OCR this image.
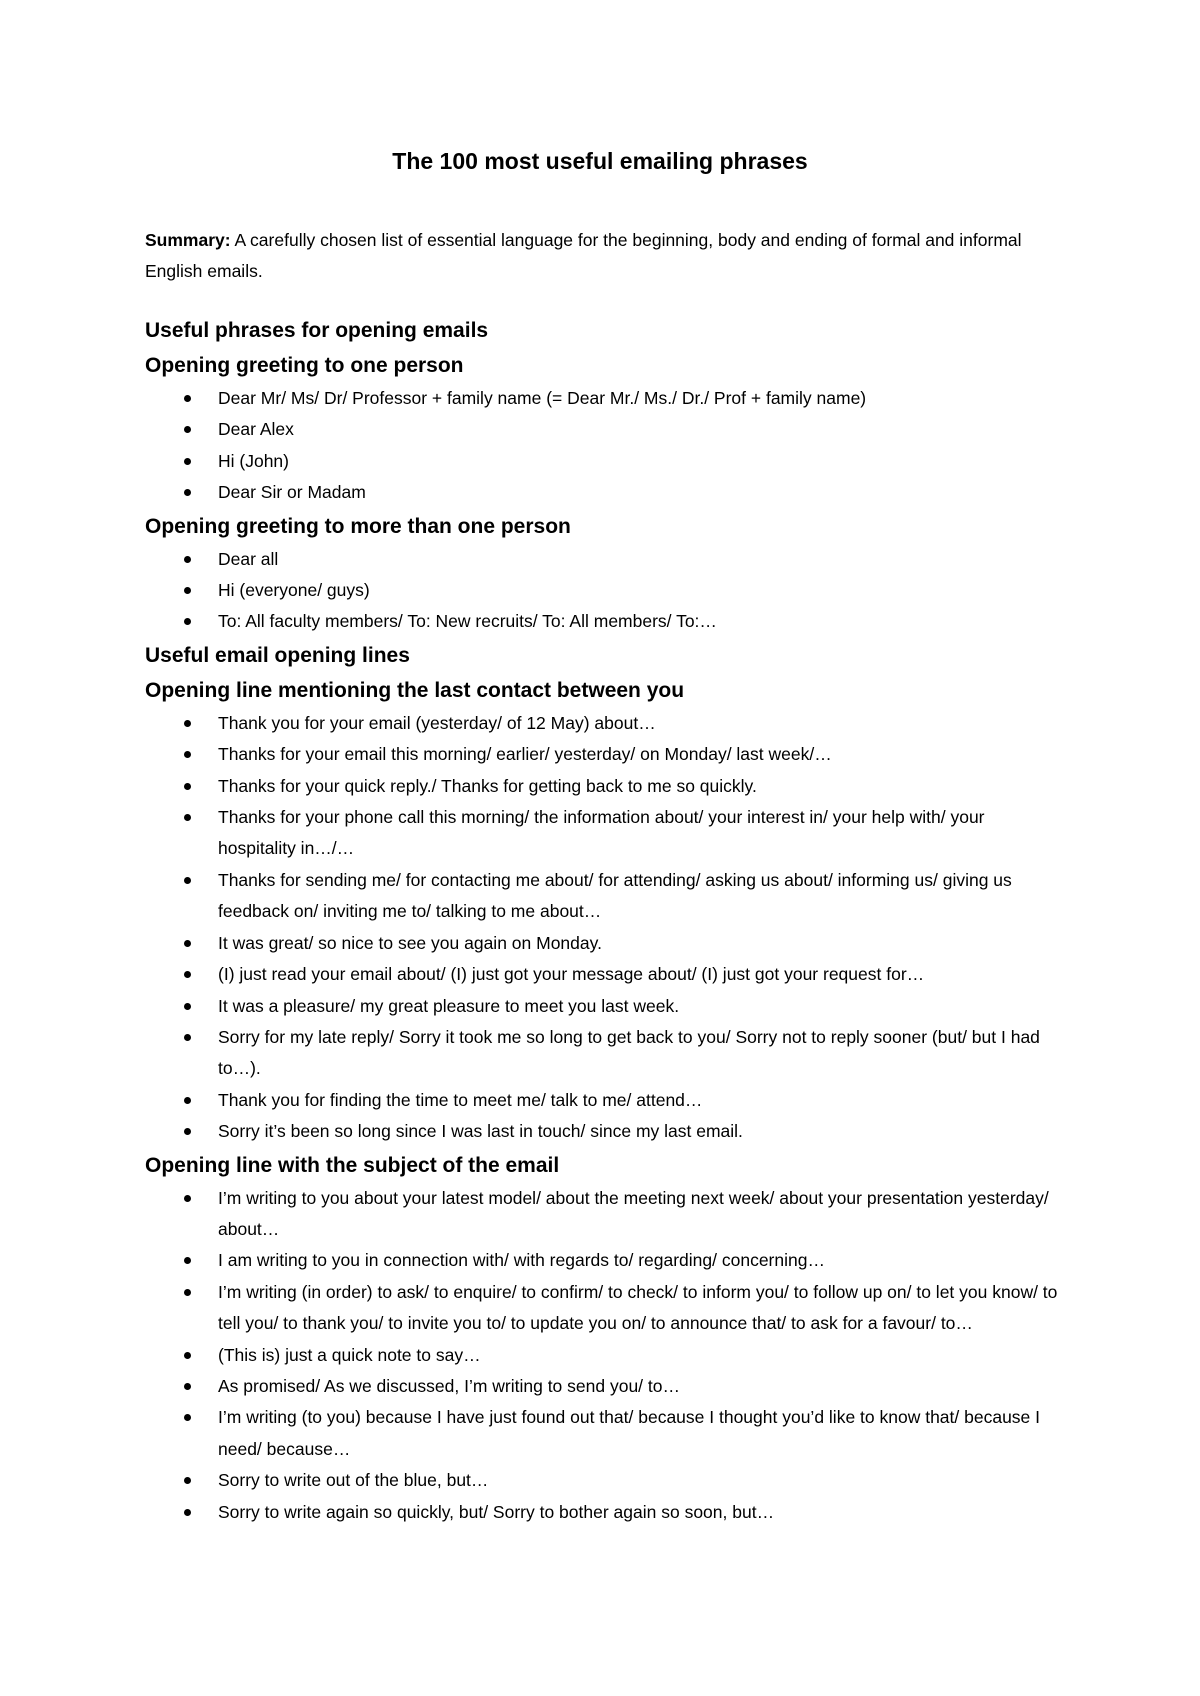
The 100 most useful emailing phrases

Summary: A carefully chosen list of essential language for the beginning, body and ending of formal and informal English emails.

Useful phrases for opening emails
Opening greeting to one person
Dear Mr/ Ms/ Dr/ Professor + family name (= Dear Mr./ Ms./ Dr./ Prof + family name)
Dear Alex
Hi (John)
Dear Sir or Madam
Opening greeting to more than one person
Dear all
Hi (everyone/ guys)
To: All faculty members/ To: New recruits/ To: All members/ To:…
Useful email opening lines
Opening line mentioning the last contact between you
Thank you for your email (yesterday/ of 12 May) about…
Thanks for your email this morning/ earlier/ yesterday/ on Monday/ last week/…
Thanks for your quick reply./ Thanks for getting back to me so quickly.
Thanks for your phone call this morning/ the information about/ your interest in/ your help with/ your hospitality in…/…
Thanks for sending me/ for contacting me about/ for attending/ asking us about/ informing us/ giving us feedback on/ inviting me to/ talking to me about…
It was great/ so nice to see you again on Monday.
(I) just read your email about/ (I) just got your message about/ (I) just got your request for…
It was a pleasure/ my great pleasure to meet you last week.
Sorry for my late reply/ Sorry it took me so long to get back to you/ Sorry not to reply sooner (but/ but I had to…).
Thank you for finding the time to meet me/ talk to me/ attend…
Sorry it’s been so long since I was last in touch/ since my last email.
Opening line with the subject of the email
I’m writing to you about your latest model/ about the meeting next week/ about your presentation yesterday/ about…
I am writing to you in connection with/ with regards to/ regarding/ concerning…
I’m writing (in order) to ask/ to enquire/ to confirm/ to check/ to inform you/ to follow up on/ to let you know/ to tell you/ to thank you/ to invite you to/ to update you on/ to announce that/ to ask for a favour/ to…
(This is) just a quick note to say…
As promised/ As we discussed, I’m writing to send you/ to…
I’m writing (to you) because I have just found out that/ because I thought you’d like to know that/ because I need/ because…
Sorry to write out of the blue, but…
Sorry to write again so quickly, but/ Sorry to bother again so soon, but…
